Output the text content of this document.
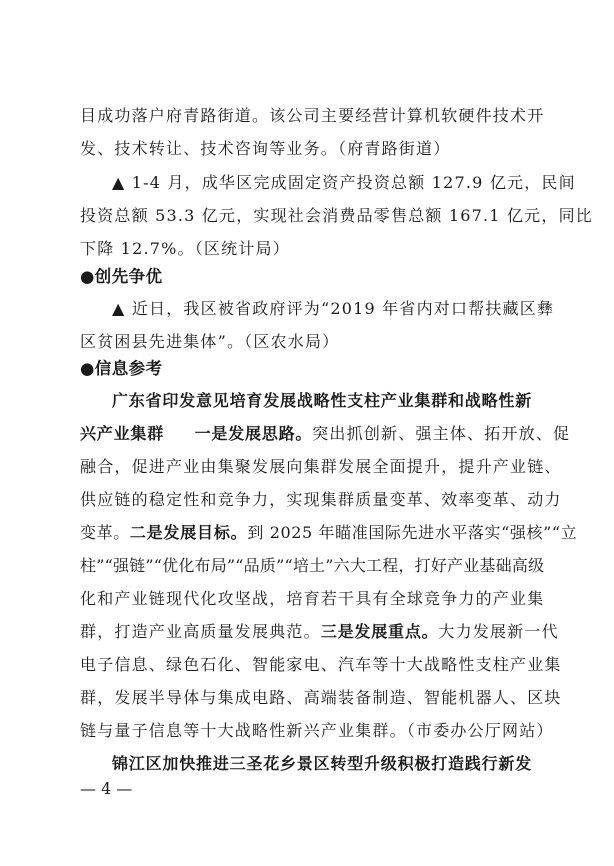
目成功落户府青路街道。该公司主要经营计算机软硬件技术开
发、技术转让、技术咨询等业务。（府青路街道）
▲ 1-4 月，成华区完成固定资产投资总额 127.9 亿元，民间
投资总额 53.3 亿元，实现社会消费品零售总额 167.1 亿元，同比
下降 12.7%。（区统计局）
●创先争优
▲ 近日，我区被省政府评为“2019 年省内对口帮扶藏区彝
区贫困县先进集体”。（区农水局）
●信息参考
广东省印发意见培育发展战略性支柱产业集群和战略性新
兴产业集群 一是发展思路。突出抓创新、强主体、拓开放、促
融合，促进产业由集聚发展向集群发展全面提升，提升产业链、
供应链的稳定性和竞争力，实现集群质量变革、效率变革、动力
变革。二是发展目标。到 2025 年瞄准国际先进水平落实“强核”“立
柱”“强链”“优化布局”“品质”“培土”六大工程，打好产业基础高级
化和产业链现代化攻坚战，培育若干具有全球竞争力的产业集
群，打造产业高质量发展典范。三是发展重点。大力发展新一代
电子信息、绿色石化、智能家电、汽车等十大战略性支柱产业集
群，发展半导体与集成电路、高端装备制造、智能机器人、区块
链与量子信息等十大战略性新兴产业集群。（市委办公厅网站）
锦江区加快推进三圣花乡景区转型升级积极打造践行新发
— 4 —
